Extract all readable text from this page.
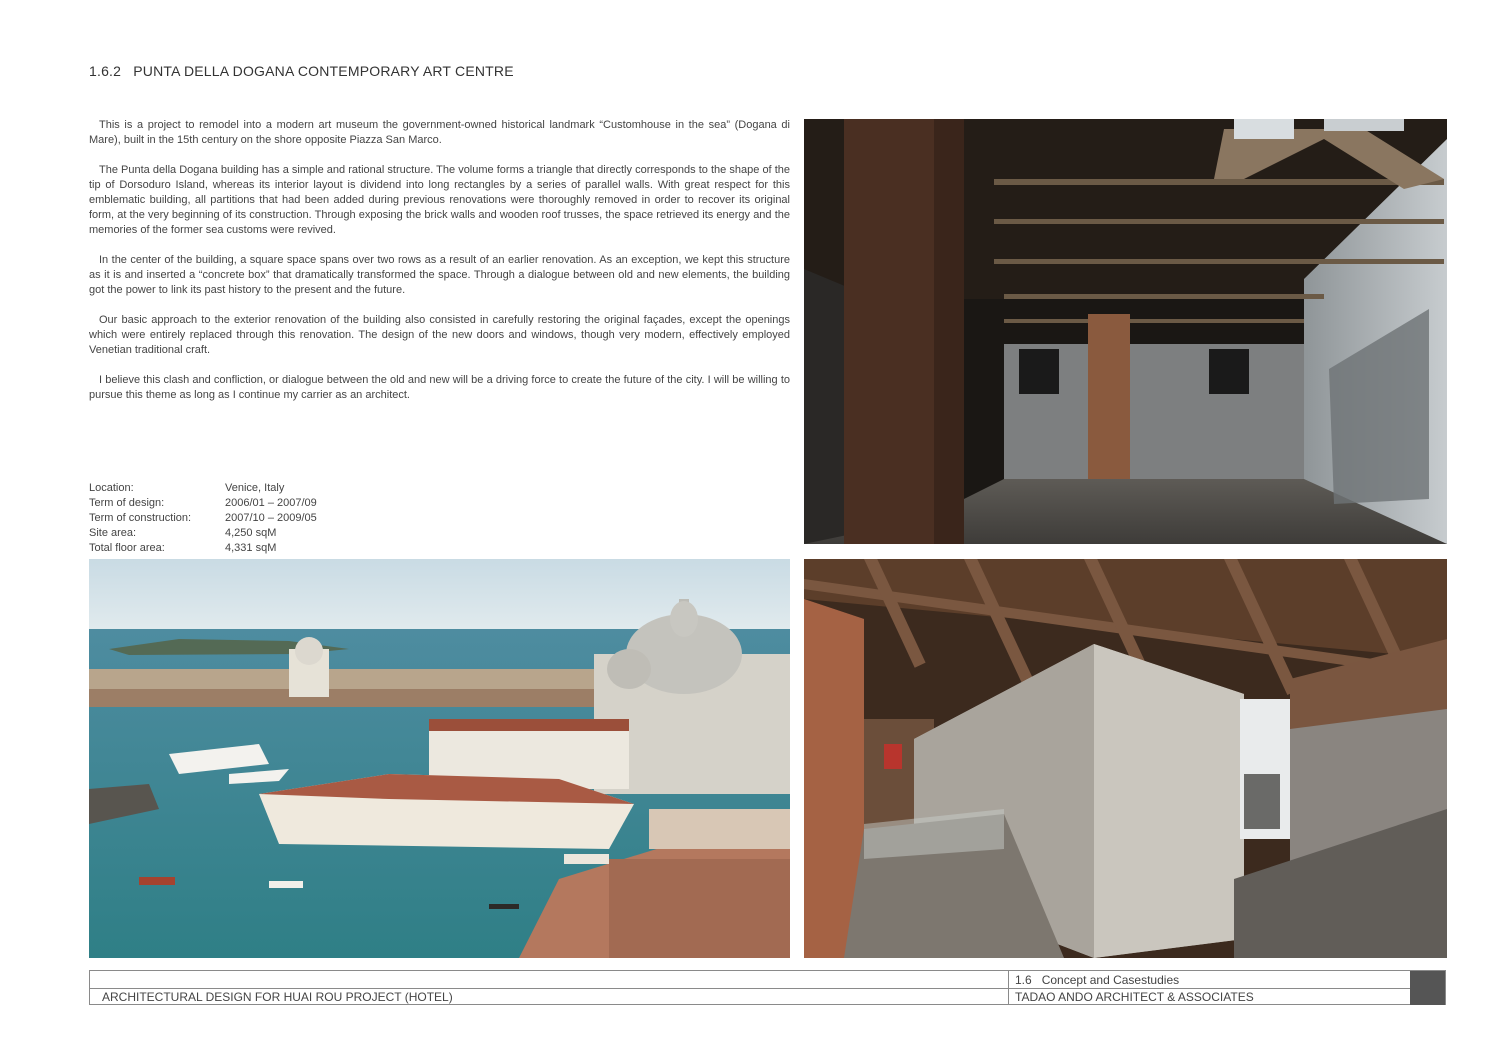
1.6.2 PUNTA DELLA DOGANA CONTEMPORARY ART CENTRE

This is a project to remodel into a modern art museum the government-owned historical landmark “Customhouse in the sea” (Dogana di Mare), built in the 15th century on the shore opposite Piazza San Marco.

The Punta della Dogana building has a simple and rational structure. The volume forms a triangle that directly corresponds to the shape of the tip of Dorsoduro Island, whereas its interior layout is dividend into long rectangles by a series of parallel walls. With great respect for this emblematic building, all partitions that had been added during previous renovations were thoroughly removed in order to recover its original form, at the very beginning of its construction. Through exposing the brick walls and wooden roof trusses, the space retrieved its energy and the memories of the former sea customs were revived.

In the center of the building, a square space spans over two rows as a result of an earlier renovation. As an exception, we kept this structure as it is and inserted a “concrete box” that dramatically transformed the space. Through a dialogue between old and new elements, the building got the power to link its past history to the present and the future.

Our basic approach to the exterior renovation of the building also consisted in carefully restoring the original façades, except the openings which were entirely replaced through this renovation. The design of the new doors and windows, though very modern, effectively employed Venetian traditional craft.

I believe this clash and confliction, or dialogue between the old and new will be a driving force to create the future of the city. I will be willing to pursue this theme as long as I continue my carrier as an architect.

Location:	Venice, Italy
Term of design:	2006/01 – 2007/09
Term of construction:	2007/10 – 2009/05
Site area:	4,250 sqM
Total floor area:	4,331 sqM
ARCHITECTURAL DESIGN FOR HUAI ROU PROJECT (HOTEL)
1.6 Concept and Casestudies
TADAO ANDO ARCHITECT & ASSOCIATES
